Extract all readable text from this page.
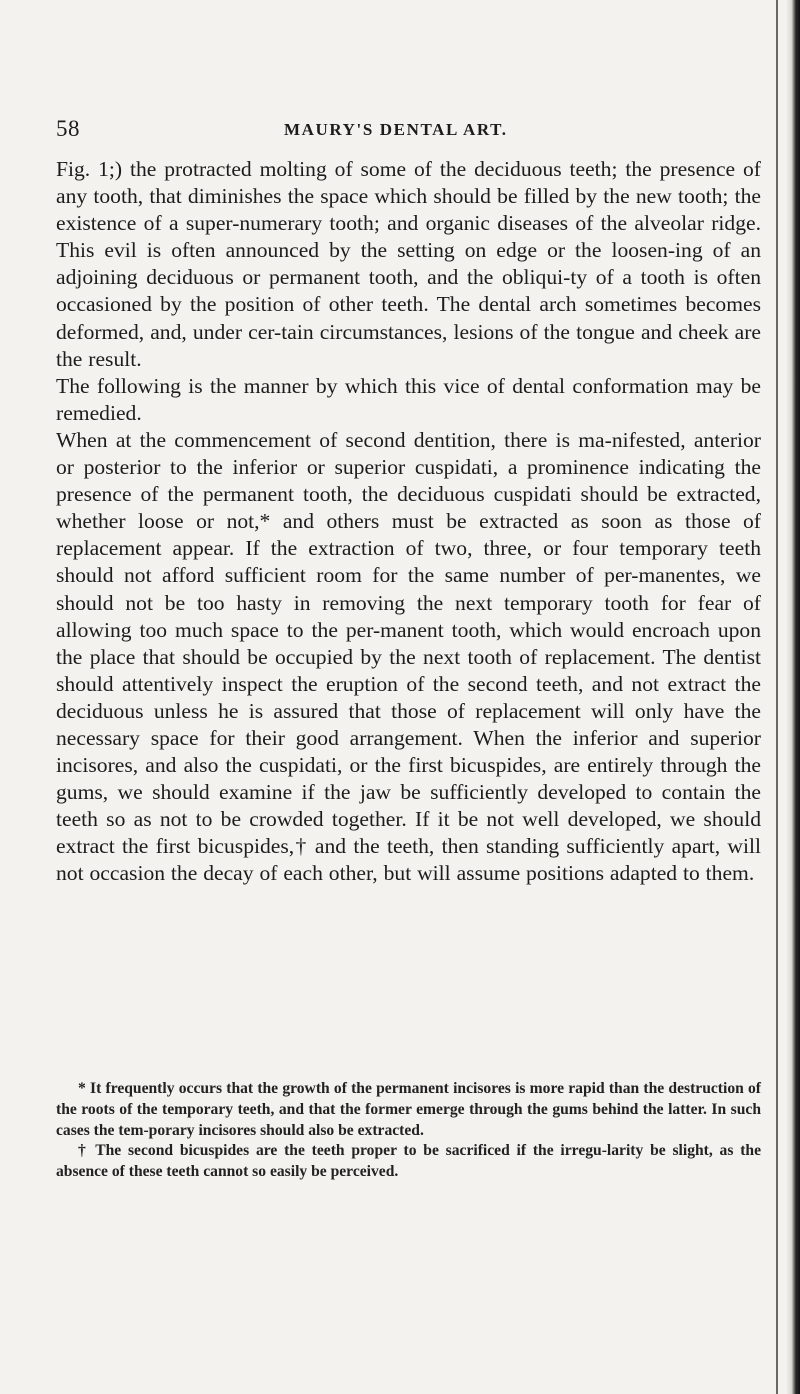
58	MAURY'S DENTAL ART.

Fig. 1;) the protracted molting of some of the deciduous teeth; the presence of any tooth, that diminishes the space which should be filled by the new tooth; the existence of a super-numerary tooth; and organic diseases of the alveolar ridge. This evil is often announced by the setting on edge or the loosen-ing of an adjoining deciduous or permanent tooth, and the obliqui-ty of a tooth is often occasioned by the position of other teeth. The dental arch sometimes becomes deformed, and, under cer-tain circumstances, lesions of the tongue and cheek are the result.

The following is the manner by which this vice of dental conformation may be remedied.

When at the commencement of second dentition, there is ma-nifested, anterior or posterior to the inferior or superior cuspidati, a prominence indicating the presence of the permanent tooth, the deciduous cuspidati should be extracted, whether loose or not,* and others must be extracted as soon as those of replacement appear. If the extraction of two, three, or four temporary teeth should not afford sufficient room for the same number of per-manentes, we should not be too hasty in removing the next temporary tooth for fear of allowing too much space to the per-manent tooth, which would encroach upon the place that should be occupied by the next tooth of replacement. The dentist should attentively inspect the eruption of the second teeth, and not extract the deciduous unless he is assured that those of replacement will only have the necessary space for their good arrangement. When the inferior and superior incisores, and also the cuspidati, or the first bicuspides, are entirely through the gums, we should examine if the jaw be sufficiently developed to contain the teeth so as not to be crowded together. If it be not well developed, we should extract the first bicuspides,† and the teeth, then standing sufficiently apart, will not occasion the decay of each other, but will assume positions adapted to them.

* It frequently occurs that the growth of the permanent incisores is more rapid than the destruction of the roots of the temporary teeth, and that the former emerge through the gums behind the latter. In such cases the tem-porary incisores should also be extracted.

† The second bicuspides are the teeth proper to be sacrificed if the irregu-larity be slight, as the absence of these teeth cannot so easily be perceived.
